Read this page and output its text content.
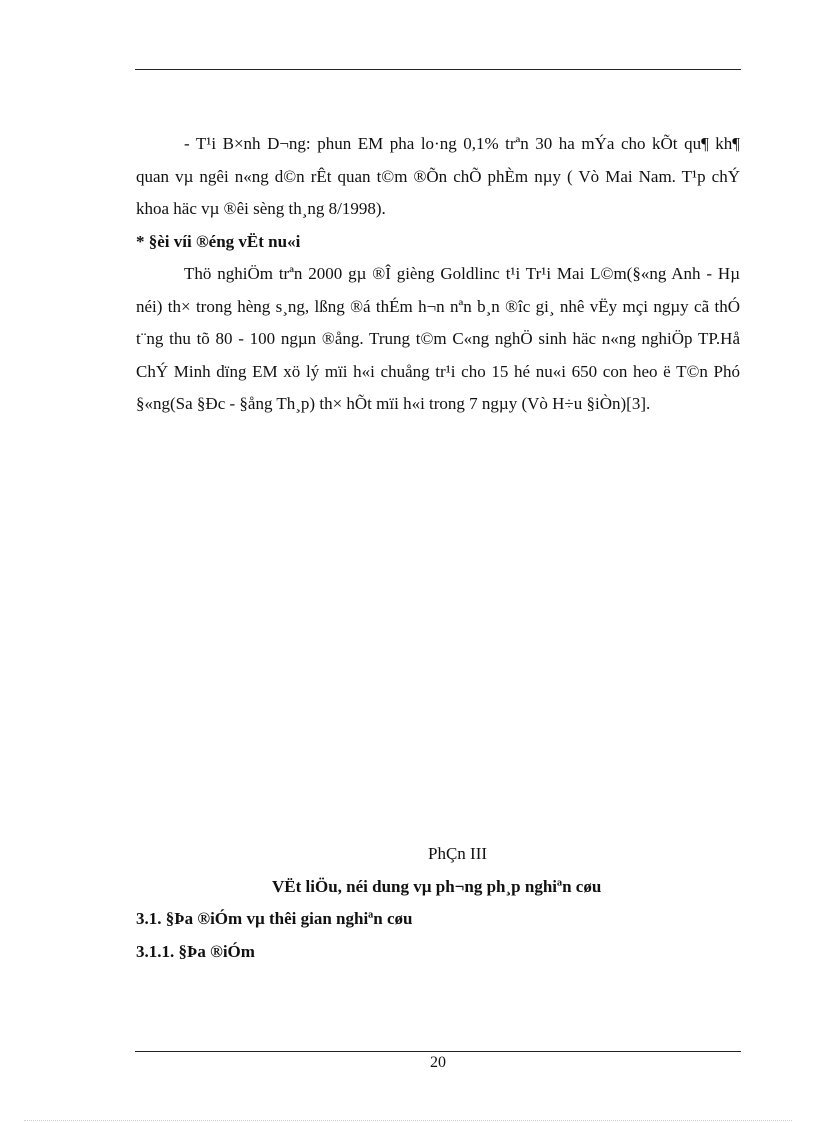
- T¹i B×nh D¬ng: phun EM pha lo·ng 0,1% trªn 30 ha mÝa cho kÕt qu¶ kh¶ quan vµ ngêi n«ng d©n rÊt quan t©m ®Õn chÕ phÈm nµy ( Vò Mai Nam. T¹p chÝ khoa häc vµ ®êi sèng th¸ng 8/1998).

* §èi víi ®éng vËt nu«i

Thö nghiÖm trªn 2000 gµ ®Î gièng Goldlinc t¹i Tr¹i Mai L©m(§«ng Anh - Hµ néi) th× trong hèng s¸ng, lßng ®á thÉm h¬n nªn b¸n ®îc gi¸ nhê vËy mçi ngµy cã thÓ t¨ng thu tõ 80 - 100 ngµn ®ång. Trung t©m C«ng nghÖ sinh häc n«ng nghiÖp TP.Hå ChÝ Minh dïng EM xö lý mïi h«i chuång tr¹i cho 15 hé nu«i 650 con heo ë T©n Phó §«ng(Sa §Ðc - §ång Th¸p) th× hÕt mïi h«i trong 7 ngµy (Vò H÷u §iÒn)[3].

PhÇn III

VËt liÖu, néi dung vµ ph¬ng ph¸p nghiªn cøu

3.1. §Þa ®iÓm vµ thêi gian nghiªn cøu

3.1.1. §Þa ®iÓm

20
